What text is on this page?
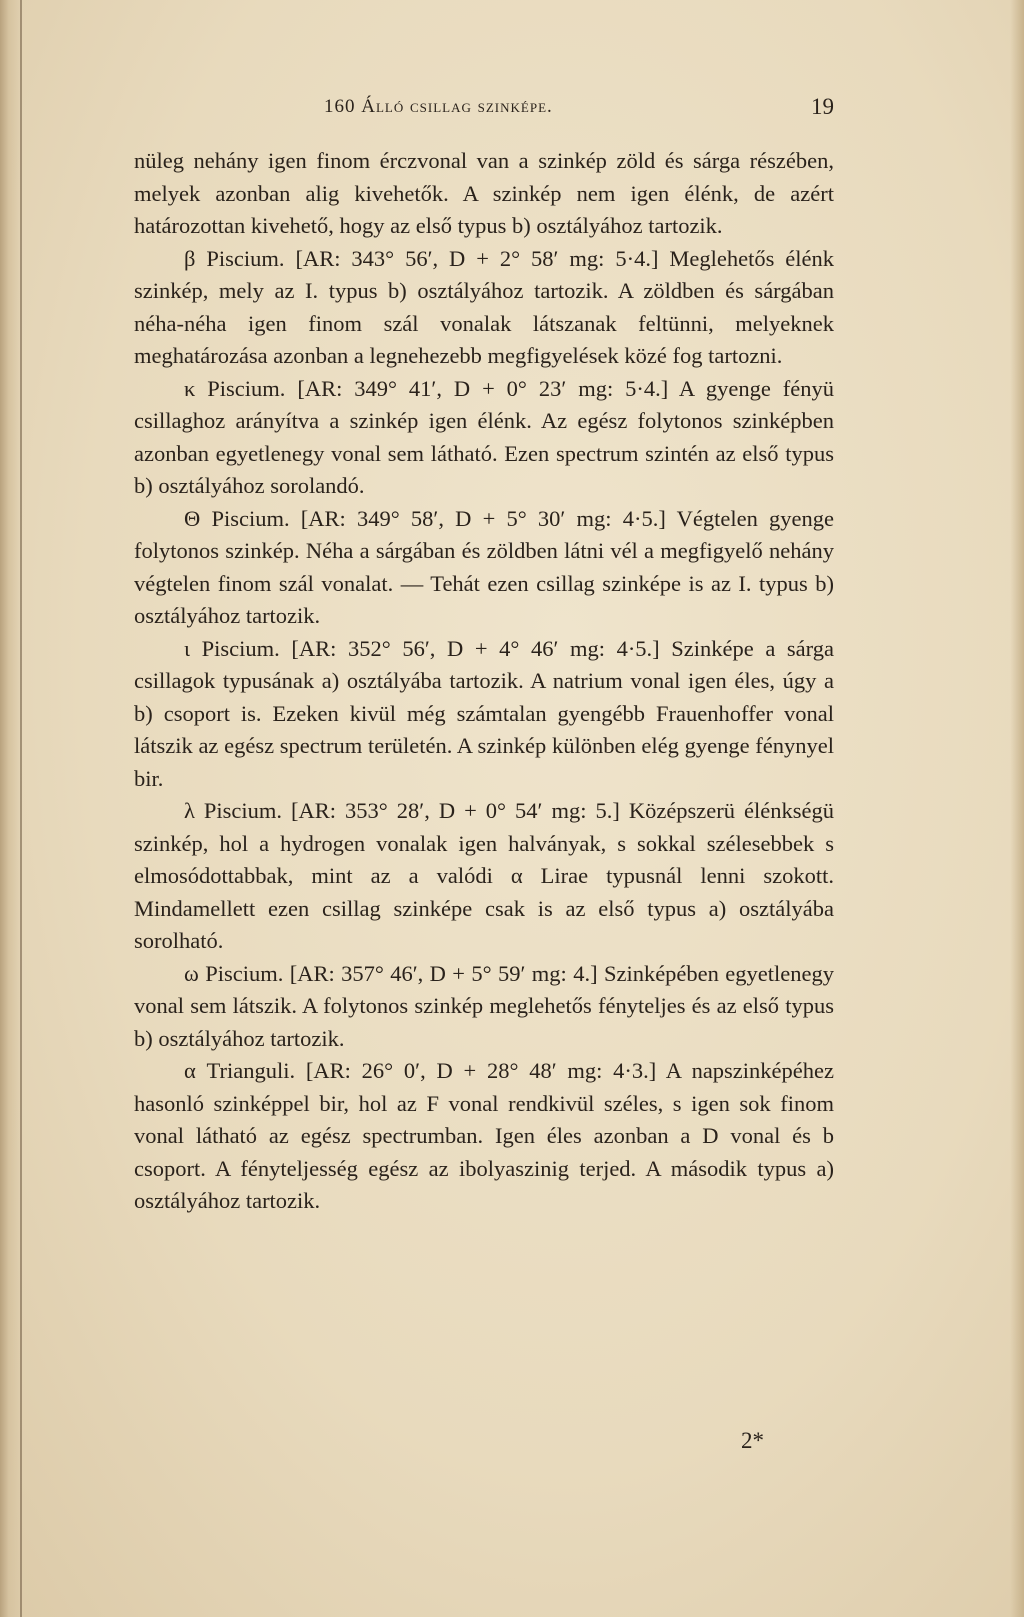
160 Álló csillag szinképe.	19

nüleg nehány igen finom érczvonal van a szinkép zöld és sárga részében, melyek azonban alig kivehetők. A szinkép nem igen élénk, de azért határozottan kivehető, hogy az első typus b) osztályához tartozik.

β Piscium. [AR: 343° 56′, D + 2° 58′ mg: 5·4.] Meglehetős élénk szinkép, mely az I. typus b) osztályához tartozik. A zöldben és sárgában néha-néha igen finom szál vonalak látszanak feltünni, melyeknek meghatározása azonban a legnehezebb megfigyelések közé fog tartozni.

κ Piscium. [AR: 349° 41′, D + 0° 23′ mg: 5·4.] A gyenge fényü csillaghoz arányítva a szinkép igen élénk. Az egész folytonos szinképben azonban egyetlenegy vonal sem látható. Ezen spectrum szintén az első typus b) osztályához sorolandó.

Θ Piscium. [AR: 349° 58′, D + 5° 30′ mg: 4·5.] Végtelen gyenge folytonos szinkép. Néha a sárgában és zöldben látni vél a megfigyelő nehány végtelen finom szál vonalat. — Tehát ezen csillag szinképe is az I. typus b) osztályához tartozik.

ι Piscium. [AR: 352° 56′, D + 4° 46′ mg: 4·5.] Szinképe a sárga csillagok typusának a) osztályába tartozik. A natrium vonal igen éles, úgy a b) csoport is. Ezeken kivül még számtalan gyengébb Frauenhoffer vonal látszik az egész spectrum területén. A szinkép különben elég gyenge fénynyel bir.

λ Piscium. [AR: 353° 28′, D + 0° 54′ mg: 5.] Középszerü élénkségü szinkép, hol a hydrogen vonalak igen halványak, s sokkal szélesebbek s elmosódottabbak, mint az a valódi α Lirae typusnál lenni szokott. Mindamellett ezen csillag szinképe csak is az első typus a) osztályába sorolható.

ω Piscium. [AR: 357° 46′, D + 5° 59′ mg: 4.] Szinképében egyetlenegy vonal sem látszik. A folytonos szinkép meglehetős fényteljes és az első typus b) osztályához tartozik.

α Trianguli. [AR: 26° 0′, D + 28° 48′ mg: 4·3.] A napszinképéhez hasonló szinképpel bir, hol az F vonal rendkivül széles, s igen sok finom vonal látható az egész spectrumban. Igen éles azonban a D vonal és b csoport. A fényteljesség egész az ibolyaszinig terjed. A második typus a) osztályához tartozik.

2*
